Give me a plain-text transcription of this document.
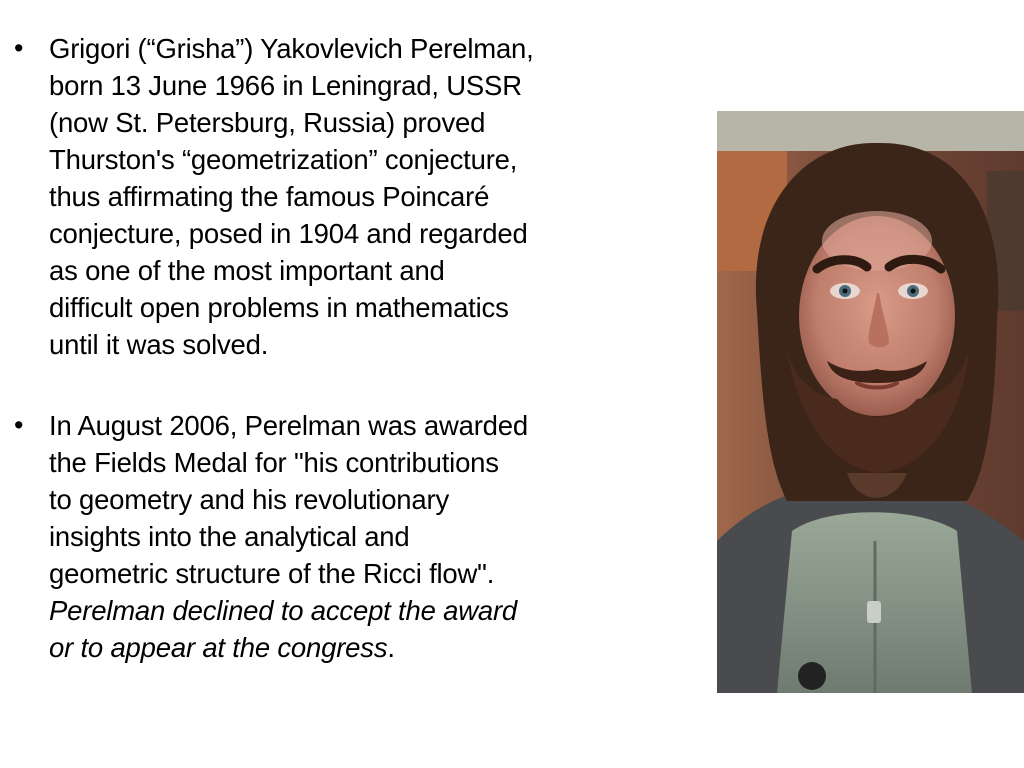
• Grigori (“Grisha”) Yakovlevich Perelman,
born 13 June 1966 in Leningrad, USSR
(now St. Petersburg, Russia) proved
Thurston's “geometrization” conjecture,
thus affirmating the famous Poincaré
conjecture, posed in 1904 and regarded
as one of the most important and
difficult open problems in mathematics
until it was solved.
• In August 2006, Perelman was awarded
the Fields Medal for "his contributions
to geometry and his revolutionary
insights into the analytical and
geometric structure of the Ricci flow".
Perelman declined to accept the award
or to appear at the congress.
